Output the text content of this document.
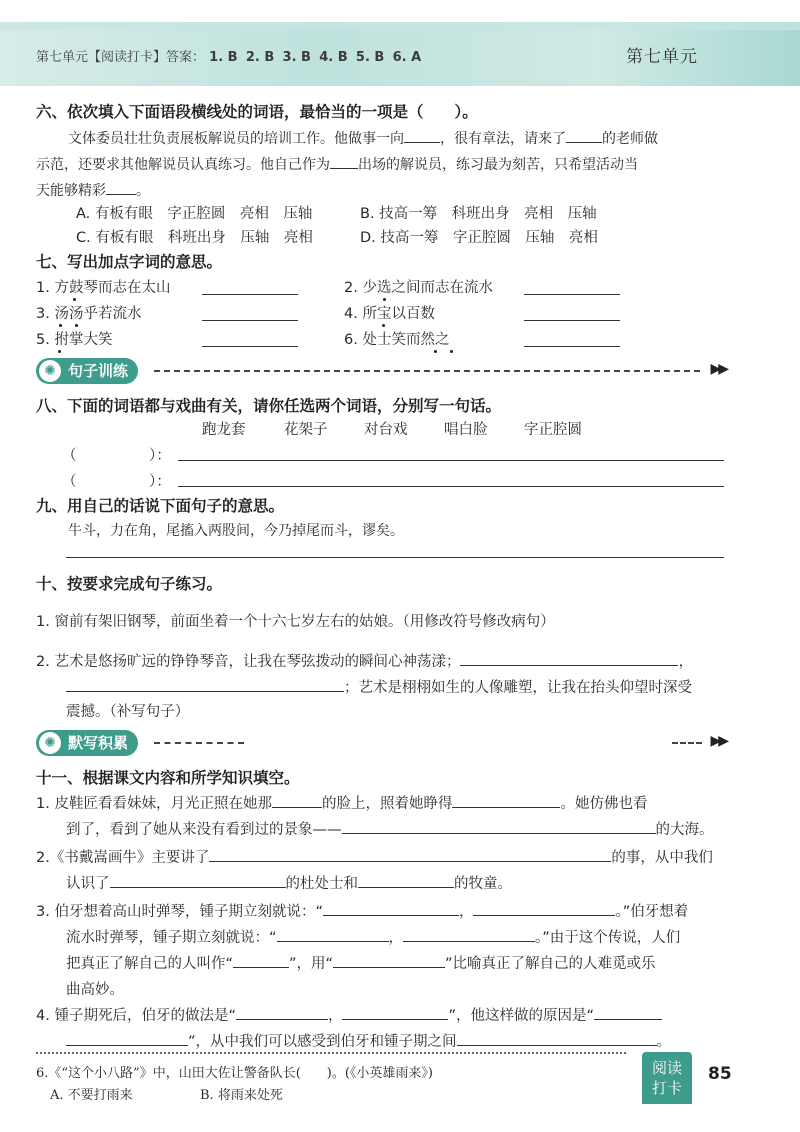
第七单元【阅读打卡】答案： 1. B 2. B 3. B 4. B 5. B 6. A	第七单元
六、依次填入下面语段横线处的词语，最恰当的一项是（　　）。
文体委员壮壮负责展板解说员的培训工作。他做事一向	，很有章法，请来了	的老师做
示范，还要求其他解说员认真练习。他自己作为 出场的解说员，练习最为刻苦，只希望活动当
天能够精彩 。
A. 有板有眼　字正腔圆　亮相　压轴	B. 技高一筹　科班出身　亮相　压轴
C. 有板有眼　科班出身　压轴　亮相	D. 技高一筹　字正腔圆　压轴　亮相
七、写出加点字词的意思。
1. 方鼓琴而志在太山	2. 少选之间而志在流水
3. 汤汤乎若流水	4. 所宝以百数
5. 拊掌大笑	6. 处士笑而然之
✺ 句子训练	▶▶
八、下面的词语都与戏曲有关，请你任选两个词语，分别写一句话。
跑龙套	花架子	对台戏	唱白脸	字正腔圆
（　　　　　）：
（　　　　　）：
九、用自己的话说下面句子的意思。
牛斗，力在角，尾搐入两股间，今乃掉尾而斗，谬矣。
十、按要求完成句子练习。
1. 窗前有架旧钢琴，前面坐着一个十六七岁左右的姑娘。（用修改符号修改病句）
2. 艺术是悠扬旷远的铮铮琴音，让我在琴弦拨动的瞬间心神荡漾；	，
；艺术是栩栩如生的人像雕塑，让我在抬头仰望时深受
震撼。（补写句子）
✺ 默写积累	▶▶
十一、根据课文内容和所学知识填空。
1. 皮鞋匠看看妹妹，月光正照在她那	的脸上，照着她睁得	。她仿佛也看
到了，看到了她从来没有看到过的景象——	的大海。
2.《书戴嵩画牛》主要讲了	的事，从中我们
认识了	的杜处士和	的牧童。
3. 伯牙想着高山时弹琴，锺子期立刻就说：“	，	。”伯牙想着
流水时弹琴，锺子期立刻就说：“	，	。”由于这个传说，人们
把真正了解自己的人叫作“	”，用“	”比喻真正了解自己的人难觅或乐
曲高妙。
4. 锺子期死后，伯牙的做法是“	，	”，他这样做的原因是“
”，从中我们可以感受到伯牙和锺子期之间	。
6.《“这个小八路”》中，山田大佐让警备队长(　　)。(《小英雄雨来》)
A. 不要打雨来	B. 将雨来处死
阅读打卡
85
